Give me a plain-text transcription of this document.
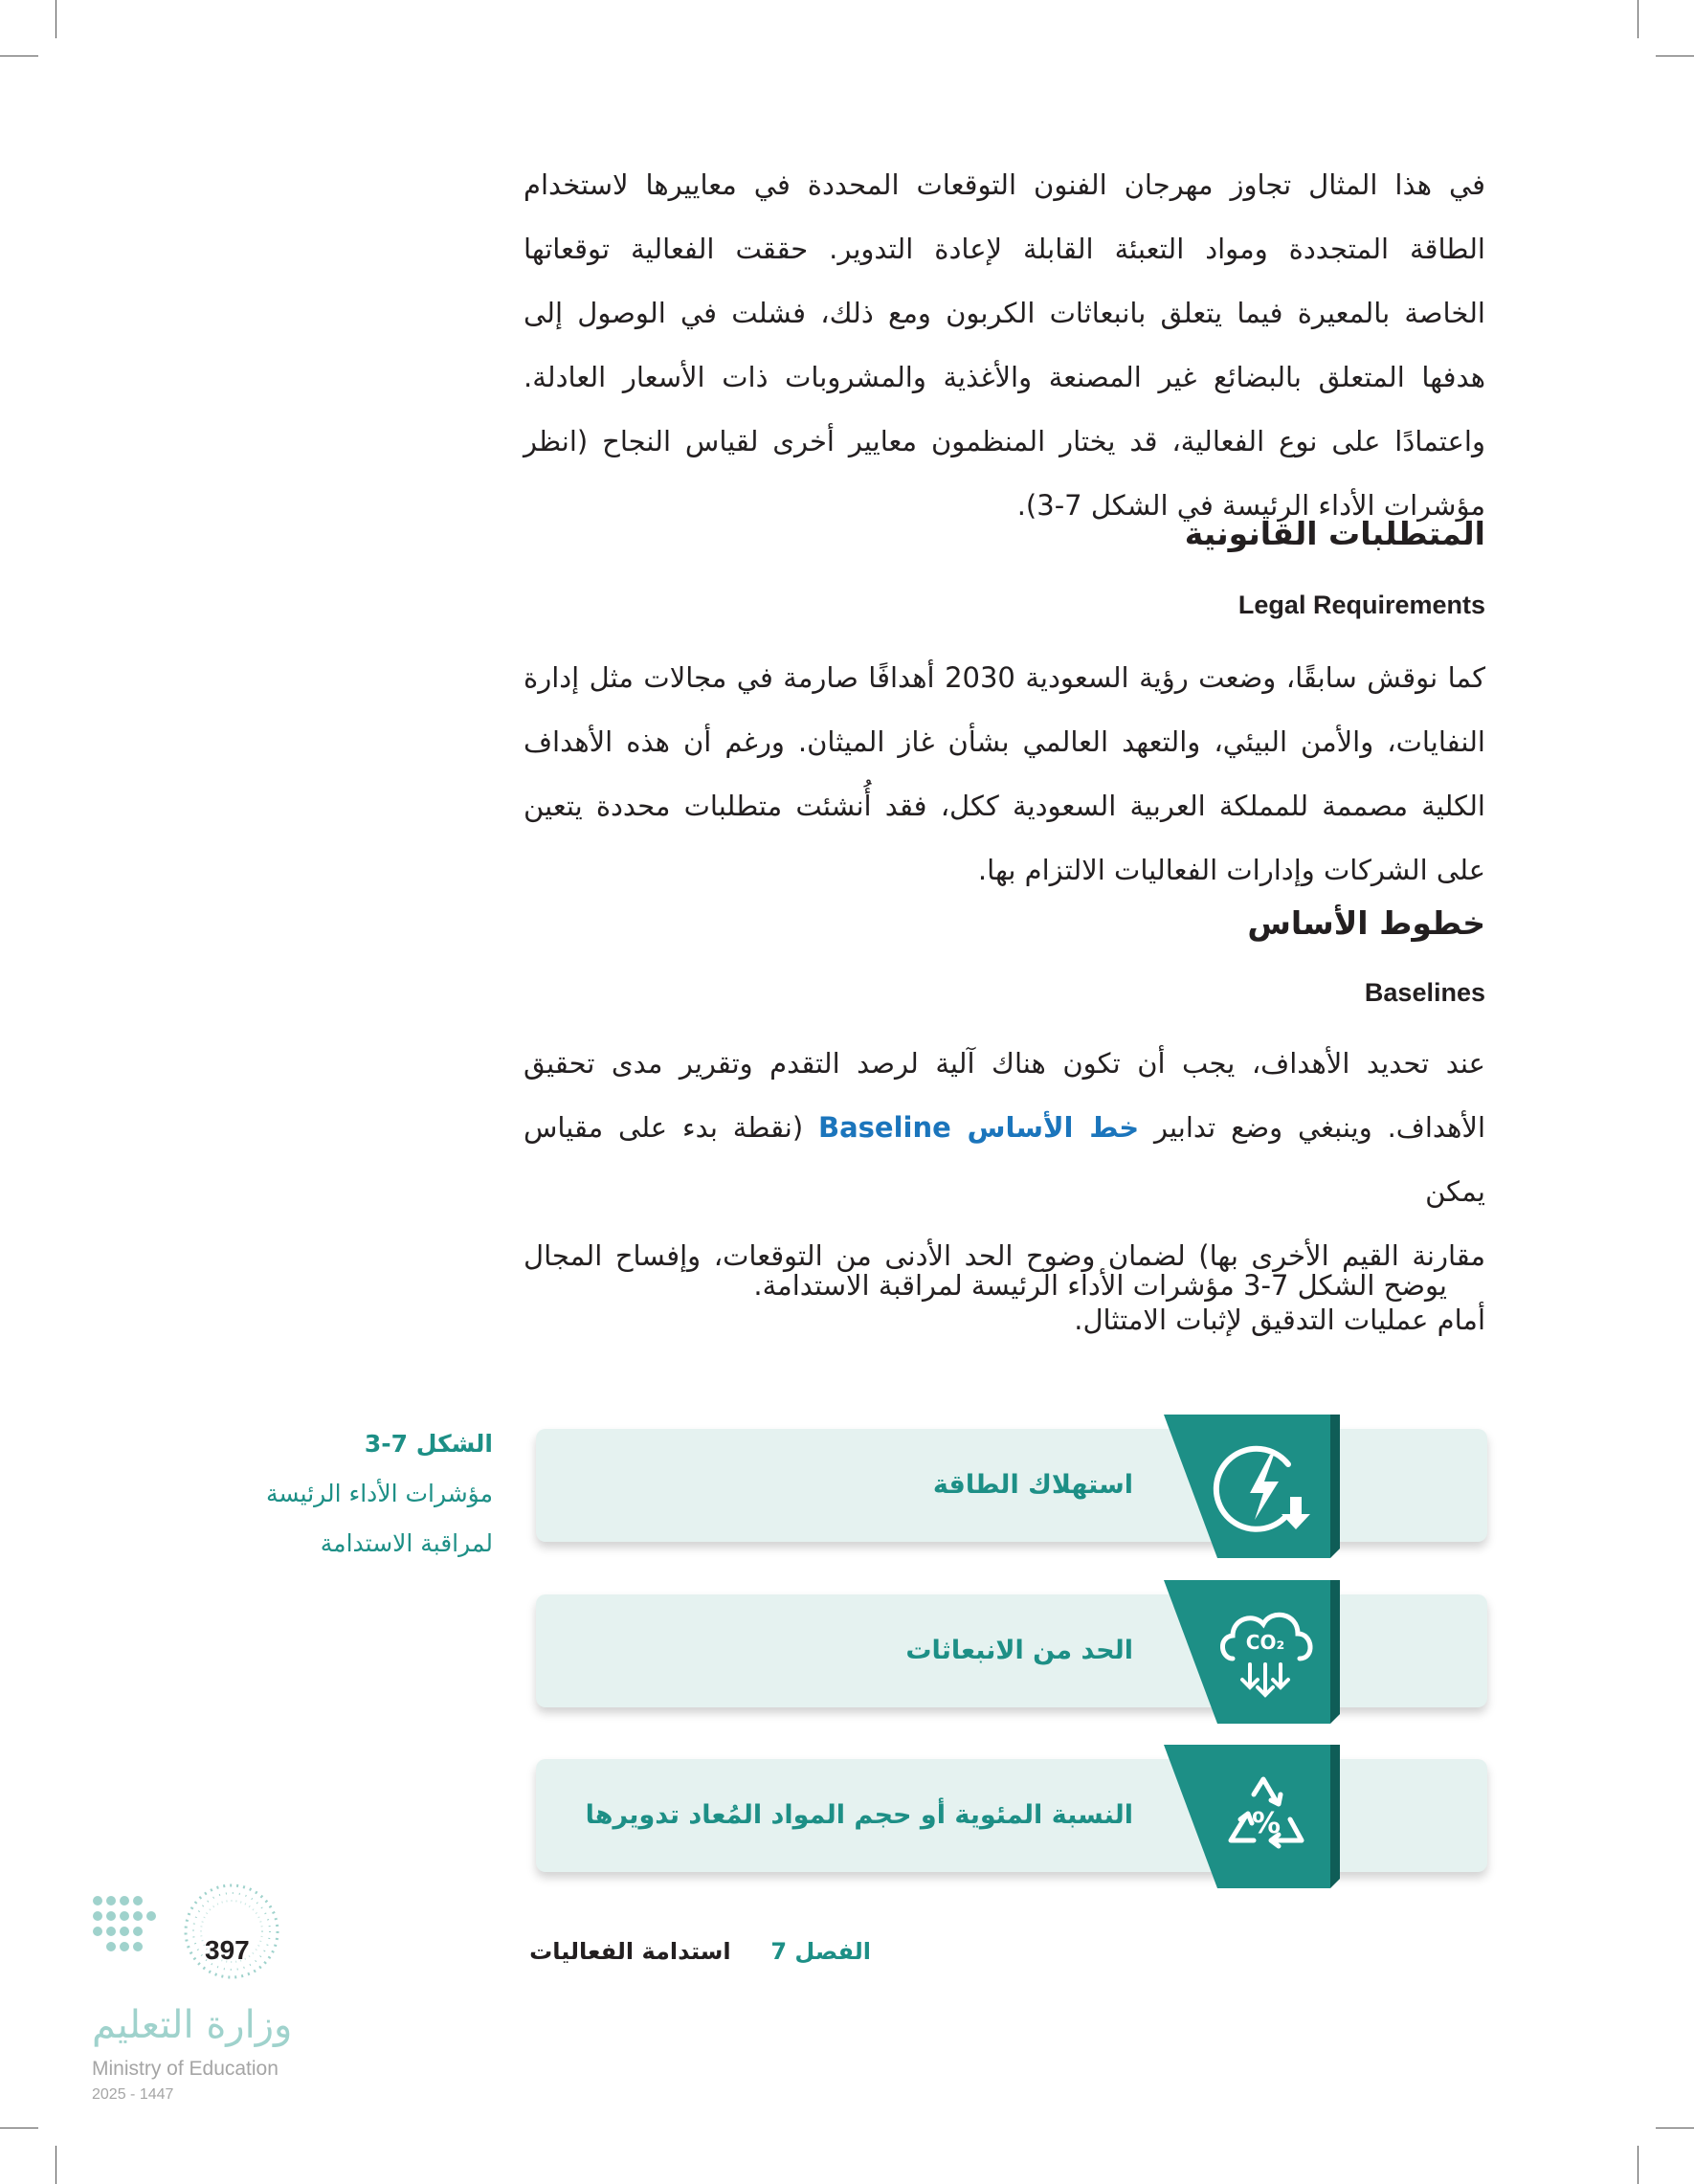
في هذا المثال تجاوز مهرجان الفنون التوقعات المحددة في معاييرها لاستخدام
الطاقة المتجددة ومواد التعبئة القابلة لإعادة التدوير. حققت الفعالية توقعاتها
الخاصة بالمعيرة فيما يتعلق بانبعاثات الكربون ومع ذلك، فشلت في الوصول إلى
هدفها المتعلق بالبضائع غير المصنعة والأغذية والمشروبات ذات الأسعار العادلة.
واعتمادًا على نوع الفعالية، قد يختار المنظمون معايير أخرى لقياس النجاح (انظر
مؤشرات الأداء الرئيسة في الشكل 7-3).

المتطلبات القانونية
Legal Requirements

كما نوقش سابقًا، وضعت رؤية السعودية 2030 أهدافًا صارمة في مجالات مثل إدارة
النفايات، والأمن البيئي، والتعهد العالمي بشأن غاز الميثان. ورغم أن هذه الأهداف
الكلية مصممة للمملكة العربية السعودية ككل، فقد أُنشئت متطلبات محددة يتعين
على الشركات وإدارات الفعاليات الالتزام بها.

خطوط الأساس
Baselines

عند تحديد الأهداف، يجب أن تكون هناك آلية لرصد التقدم وتقرير مدى تحقيق
الأهداف. وينبغي وضع تدابير خط الأساس Baseline (نقطة بدء على مقياس يمكن
مقارنة القيم الأخرى بها) لضمان وضوح الحد الأدنى من التوقعات، وإفساح المجال
أمام عمليات التدقيق لإثبات الامتثال.

يوضح الشكل 7-3 مؤشرات الأداء الرئيسة لمراقبة الاستدامة.

الشكل 7-3
مؤشرات الأداء الرئيسة
لمراقبة الاستدامة
استهلاك الطاقة
الحد من الانبعاثات
النسبة المئوية أو حجم المواد المُعاد تدويرها
CO₂
%
الفصل 7     استدامة الفعاليات
397
وزارة التعليم
Ministry of Education
2025 - 1447
